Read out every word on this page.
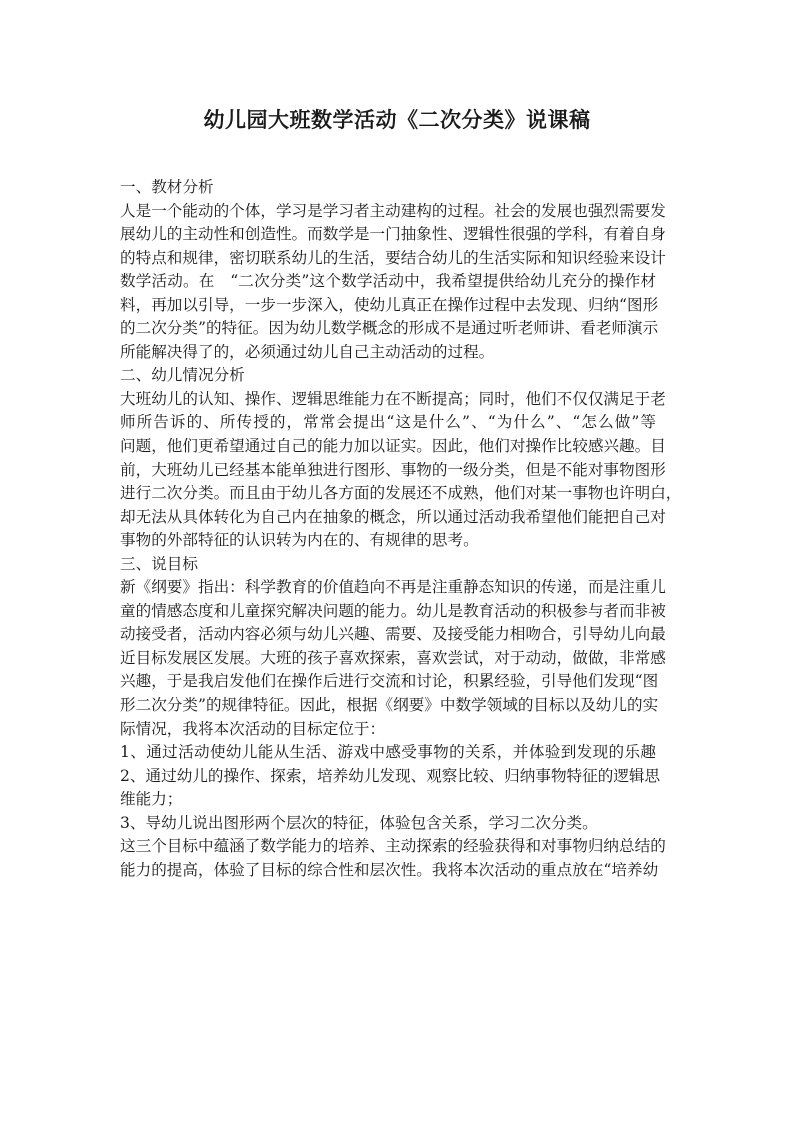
幼儿园大班数学活动《二次分类》说课稿
一、教材分析
人是一个能动的个体，学习是学习者主动建构的过程。社会的发展也强烈需要发
展幼儿的主动性和创造性。而数学是一门抽象性、逻辑性很强的学科，有着自身
的特点和规律，密切联系幼儿的生活，要结合幼儿的生活实际和知识经验来设计
数学活动。在　“二次分类”这个数学活动中，我希望提供给幼儿充分的操作材
料，再加以引导，一步一步深入，使幼儿真正在操作过程中去发现、归纳“图形
的二次分类”的特征。因为幼儿数学概念的形成不是通过听老师讲、看老师演示
所能解决得了的，必须通过幼儿自己主动活动的过程。
二、幼儿情况分析
大班幼儿的认知、操作、逻辑思维能力在不断提高；同时，他们不仅仅满足于老
师所告诉的、所传授的，常常会提出“这是什么”、“为什么”、“怎么做”等
问题，他们更希望通过自己的能力加以证实。因此，他们对操作比较感兴趣。目
前，大班幼儿已经基本能单独进行图形、事物的一级分类，但是不能对事物图形
进行二次分类。而且由于幼儿各方面的发展还不成熟，他们对某一事物也许明白，
却无法从具体转化为自己内在抽象的概念，所以通过活动我希望他们能把自己对
事物的外部特征的认识转为内在的、有规律的思考。
三、说目标
新《纲要》指出：科学教育的价值趋向不再是注重静态知识的传递，而是注重儿
童的情感态度和儿童探究解决问题的能力。幼儿是教育活动的积极参与者而非被
动接受者，活动内容必须与幼儿兴趣、需要、及接受能力相吻合，引导幼儿向最
近目标发展区发展。大班的孩子喜欢探索，喜欢尝试，对于动动，做做，非常感
兴趣，于是我启发他们在操作后进行交流和讨论，积累经验，引导他们发现“图
形二次分类”的规律特征。因此，根据《纲要》中数学领域的目标以及幼儿的实
际情况，我将本次活动的目标定位于：
1、通过活动使幼儿能从生活、游戏中感受事物的关系，并体验到发现的乐趣
2、通过幼儿的操作、探索，培养幼儿发现、观察比较、归纳事物特征的逻辑思
维能力；
3、导幼儿说出图形两个层次的特征，体验包含关系，学习二次分类。
这三个目标中蕴涵了数学能力的培养、主动探索的经验获得和对事物归纳总结的
能力的提高，体验了目标的综合性和层次性。我将本次活动的重点放在“培养幼
